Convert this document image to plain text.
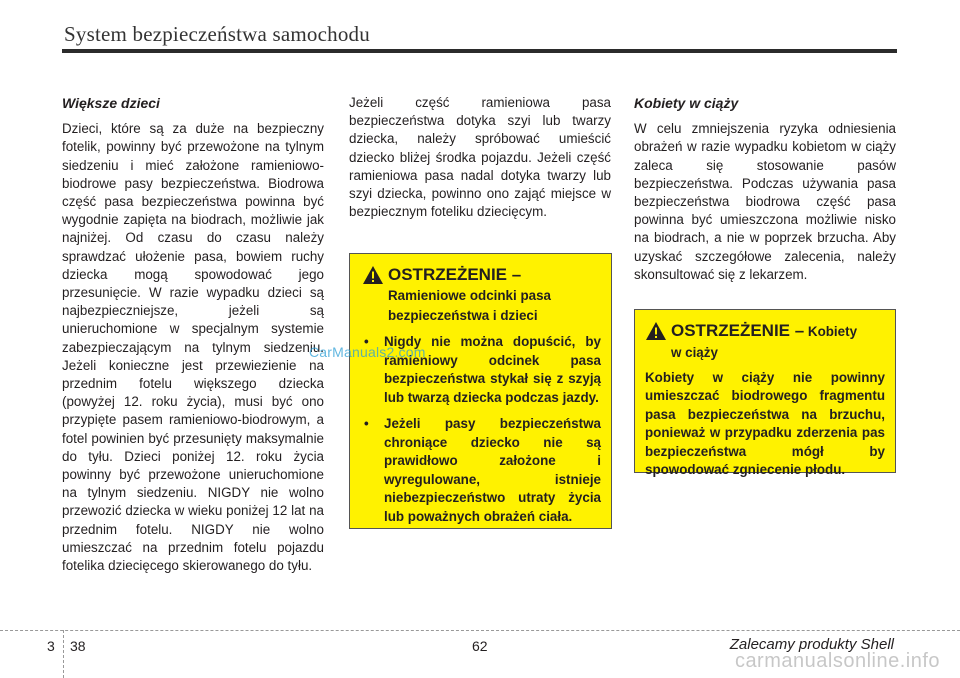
System bezpieczeństwa samochodu
Większe dzieci

Dzieci, które są za duże na bezpieczny fotelik, powinny być przewożone na tylnym siedzeniu i mieć założone ramieniowo-biodrowe pasy bezpieczeństwa. Biodrowa część pasa bezpieczeństwa powinna być wygodnie zapięta na biodrach, możliwie jak najniżej. Od czasu do czasu należy sprawdzać ułożenie pasa, bowiem ruchy dziecka mogą spowodować jego przesunięcie. W razie wypadku dzieci są najbezpieczniejsze, jeżeli są unieruchomione w specjalnym systemie zabezpieczającym na tylnym siedzeniu. Jeżeli konieczne jest przewiezienie na przednim fotelu większego dziecka (powyżej 12. roku życia), musi być ono przypięte pasem ramieniowo-biodrowym, a fotel powinien być przesunięty maksymalnie do tyłu. Dzieci poniżej 12. roku życia powinny być przewożone unieruchomione na tylnym siedzeniu. NIGDY nie wolno przewozić dziecka w wieku poniżej 12 lat na przednim fotelu. NIGDY nie wolno umieszczać na przednim fotelu pojazdu fotelika dziecięcego skierowanego do tyłu.

Jeżeli część ramieniowa pasa bezpieczeństwa dotyka szyi lub twarzy dziecka, należy spróbować umieścić dziecko bliżej środka pojazdu. Jeżeli część ramieniowa pasa nadal dotyka twarzy lub szyi dziecka, powinno ono zająć miejsce w bezpiecznym foteliku dziecięcym.

OSTRZEŻENIE –
Ramieniowe odcinki pasa
bezpieczeństwa i dzieci
• Nigdy nie można dopuścić, by ramieniowy odcinek pasa bezpieczeństwa stykał się z szyją lub twarzą dziecka podczas jazdy.
• Jeżeli pasy bezpieczeństwa chroniące dziecko nie są prawidłowo założone i wyregulowane, istnieje niebezpieczeństwo utraty życia lub poważnych obrażeń ciała.
CarManuals2.com
Kobiety w ciąży

W celu zmniejszenia ryzyka odniesienia obrażeń w razie wypadku kobietom w ciąży zaleca się stosowanie pasów bezpieczeństwa. Podczas używania pasa bezpieczeństwa biodrowa część pasa powinna być umieszczona możliwie nisko na biodrach, a nie w poprzek brzucha. Aby uzyskać szczegółowe zalecenia, należy skonsultować się z lekarzem.

OSTRZEŻENIE – Kobiety
w ciąży
Kobiety w ciąży nie powinny umieszczać biodrowego fragmentu pasa bezpieczeństwa na brzuchu, ponieważ w przypadku zderzenia pas bezpieczeństwa mógł by spowodować zgniecenie płodu.
3 38	62	Zalecamy produkty Shell
carmanualsonline.info
